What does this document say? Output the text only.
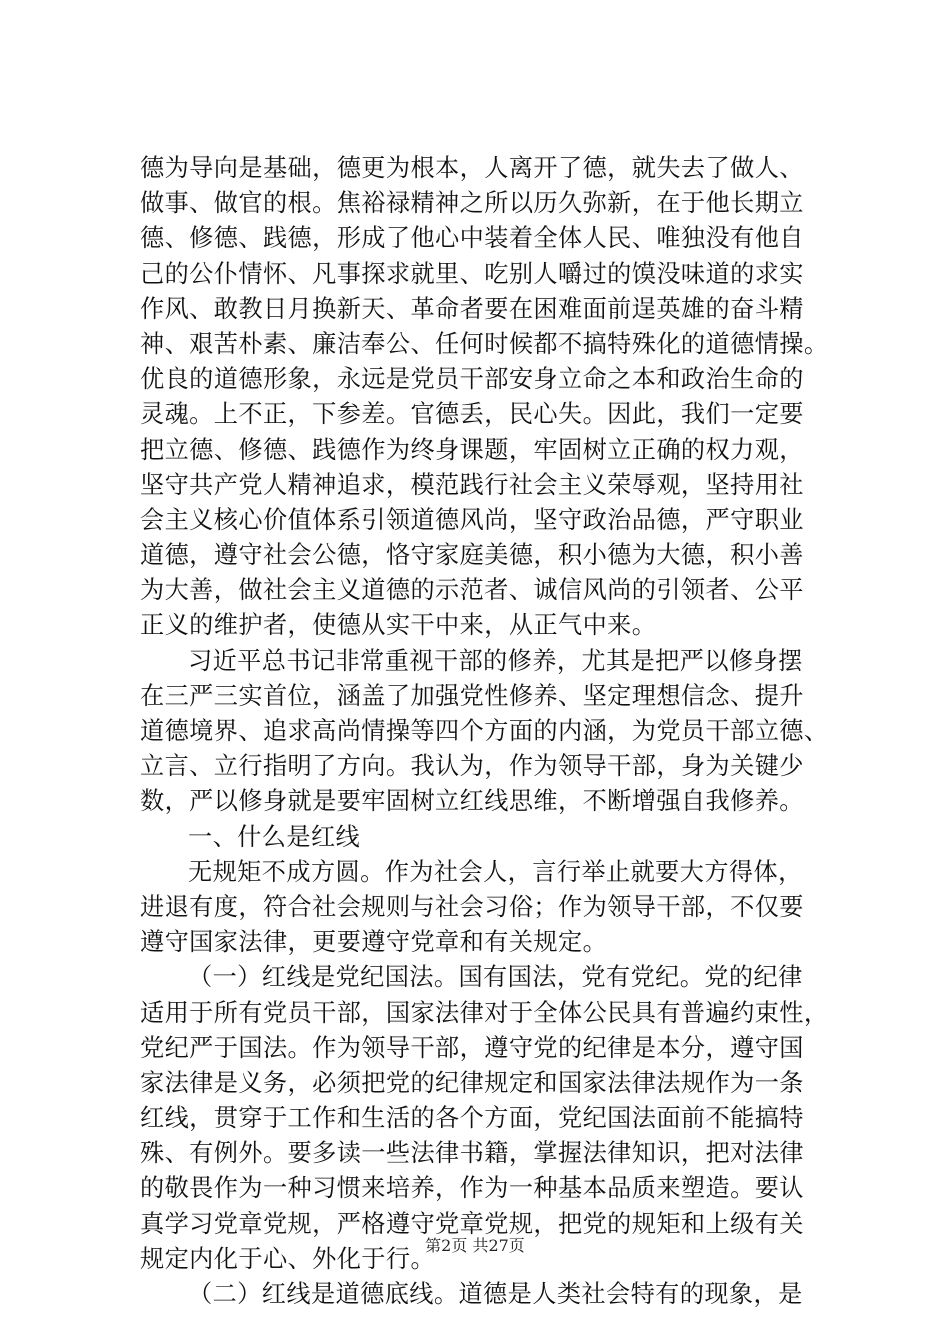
德为导向是基础，德更为根本，人离开了德，就失去了做人、
做事、做官的根。焦裕禄精神之所以历久弥新，在于他长期立
德、修德、践德，形成了他心中装着全体人民、唯独没有他自
己的公仆情怀、凡事探求就里、吃别人嚼过的馍没味道的求实
作风、敢教日月换新天、革命者要在困难面前逞英雄的奋斗精
神、艰苦朴素、廉洁奉公、任何时候都不搞特殊化的道德情操。
优良的道德形象，永远是党员干部安身立命之本和政治生命的
灵魂。上不正，下参差。官德丢，民心失。因此，我们一定要
把立德、修德、践德作为终身课题，牢固树立正确的权力观，
坚守共产党人精神追求，模范践行社会主义荣辱观，坚持用社
会主义核心价值体系引领道德风尚，坚守政治品德，严守职业
道德，遵守社会公德，恪守家庭美德，积小德为大德，积小善
为大善，做社会主义道德的示范者、诚信风尚的引领者、公平
正义的维护者，使德从实干中来，从正气中来。
习近平总书记非常重视干部的修养，尤其是把严以修身摆
在三严三实首位，涵盖了加强党性修养、坚定理想信念、提升
道德境界、追求高尚情操等四个方面的内涵，为党员干部立德、
立言、立行指明了方向。我认为，作为领导干部，身为关键少
数，严以修身就是要牢固树立红线思维，不断增强自我修养。
一、什么是红线
无规矩不成方圆。作为社会人，言行举止就要大方得体，
进退有度，符合社会规则与社会习俗；作为领导干部，不仅要
遵守国家法律，更要遵守党章和有关规定。
（一）红线是党纪国法。国有国法，党有党纪。党的纪律
适用于所有党员干部，国家法律对于全体公民具有普遍约束性，
党纪严于国法。作为领导干部，遵守党的纪律是本分，遵守国
家法律是义务，必须把党的纪律规定和国家法律法规作为一条
红线，贯穿于工作和生活的各个方面，党纪国法面前不能搞特
殊、有例外。要多读一些法律书籍，掌握法律知识，把对法律
的敬畏作为一种习惯来培养，作为一种基本品质来塑造。要认
真学习党章党规，严格遵守党章党规，把党的规矩和上级有关
规定内化于心、外化于行。
（二）红线是道德底线。道德是人类社会特有的现象，是
第2页 共27页
